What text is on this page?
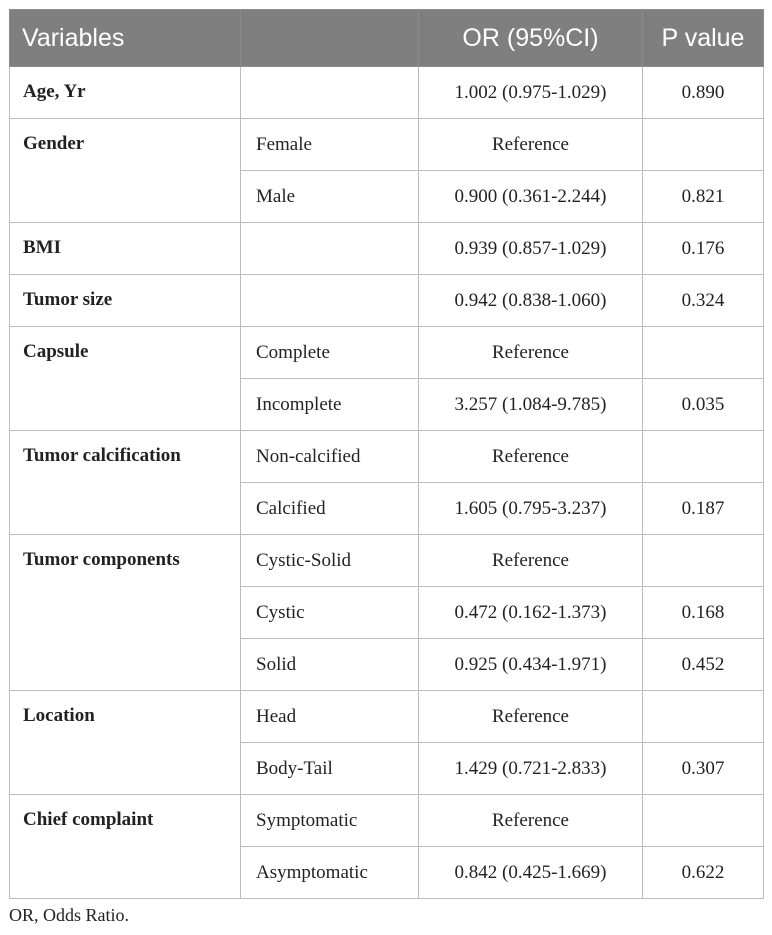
Variables		OR (95%CI)	P value
Age, Yr		1.002 (0.975-1.029)	0.890
Gender	Female	Reference	
	Male	0.900 (0.361-2.244)	0.821
BMI		0.939 (0.857-1.029)	0.176
Tumor size		0.942 (0.838-1.060)	0.324
Capsule	Complete	Reference	
	Incomplete	3.257 (1.084-9.785)	0.035
Tumor calcification	Non-calcified	Reference	
	Calcified	1.605 (0.795-3.237)	0.187
Tumor components	Cystic-Solid	Reference	
	Cystic	0.472 (0.162-1.373)	0.168
	Solid	0.925 (0.434-1.971)	0.452
Location	Head	Reference	
	Body-Tail	1.429 (0.721-2.833)	0.307
Chief complaint	Symptomatic	Reference	
	Asymptomatic	0.842 (0.425-1.669)	0.622
OR, Odds Ratio.
